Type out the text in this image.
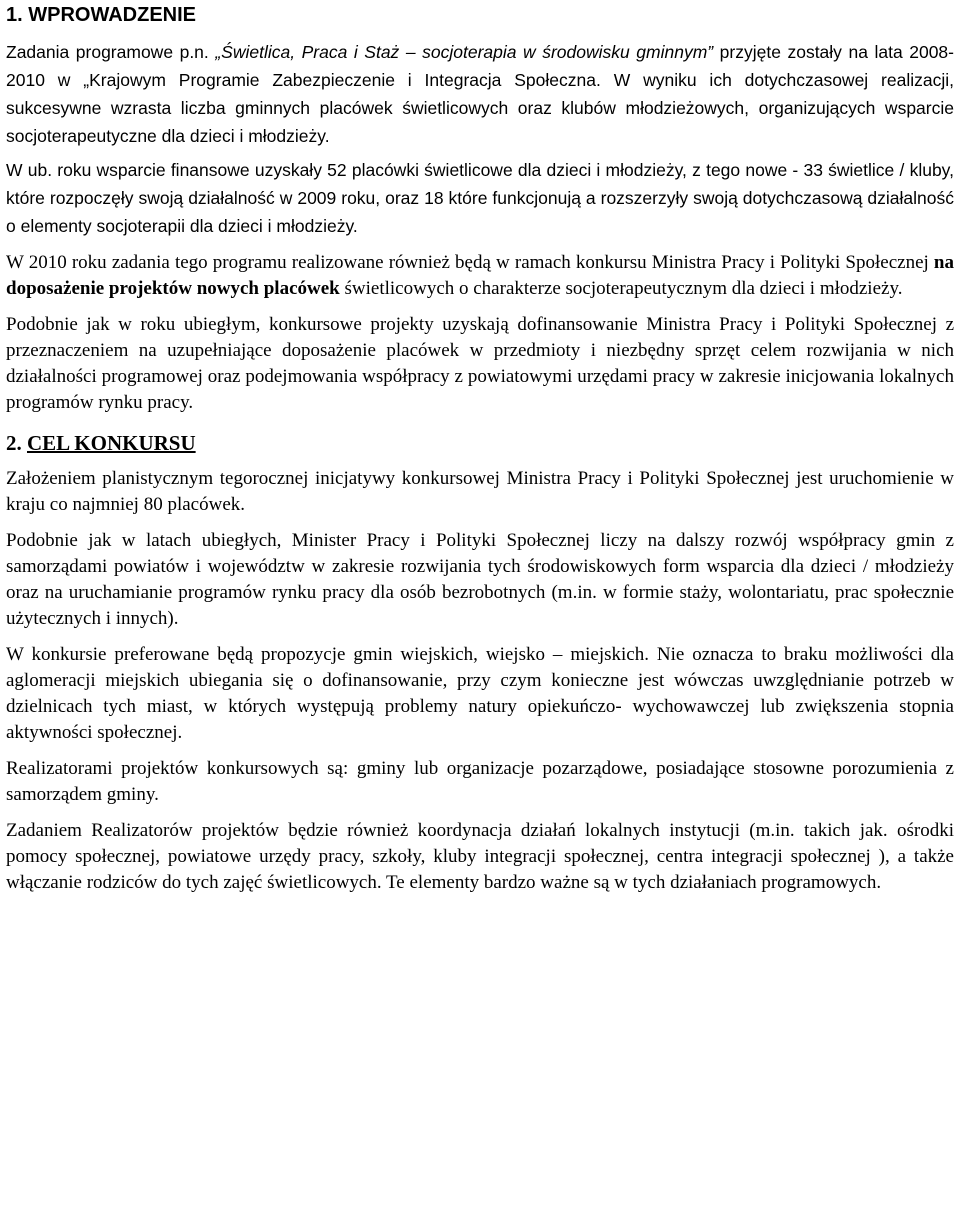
1. WPROWADZENIE

Zadania programowe p.n. „Świetlica, Praca i Staż – socjoterapia w środowisku gminnym” przyjęte zostały na lata 2008-2010 w „Krajowym Programie Zabezpieczenie i Integracja Społeczna. W wyniku ich dotychczasowej realizacji, sukcesywne wzrasta liczba gminnych placówek świetlicowych oraz klubów młodzieżowych, organizujących wsparcie socjoterapeutyczne dla dzieci i młodzieży.

W ub. roku wsparcie finansowe uzyskały 52 placówki świetlicowe dla dzieci i młodzieży, z tego nowe - 33 świetlice / kluby, które rozpoczęły swoją działalność w 2009 roku, oraz 18 które funkcjonują a rozszerzyły swoją dotychczasową działalność o elementy socjoterapii dla dzieci i młodzieży.

W 2010 roku zadania tego programu realizowane również będą w ramach konkursu Ministra Pracy i Polityki Społecznej na doposażenie projektów nowych placówek świetlicowych o charakterze socjoterapeutycznym dla dzieci i młodzieży.

Podobnie jak w roku ubiegłym, konkursowe projekty uzyskają dofinansowanie Ministra Pracy i Polityki Społecznej z przeznaczeniem na uzupełniające doposażenie placówek w przedmioty i niezbędny sprzęt celem rozwijania w nich działalności programowej oraz podejmowania współpracy z powiatowymi urzędami pracy w zakresie inicjowania lokalnych programów rynku pracy.

2. CEL KONKURSU

Założeniem planistycznym tegorocznej inicjatywy konkursowej Ministra Pracy i Polityki Społecznej jest uruchomienie w kraju co najmniej 80 placówek.

Podobnie jak w latach ubiegłych, Minister Pracy i Polityki Społecznej liczy na dalszy rozwój współpracy gmin z samorządami powiatów i województw w zakresie rozwijania tych środowiskowych form wsparcia dla dzieci / młodzieży oraz na uruchamianie programów rynku pracy dla osób bezrobotnych (m.in. w formie staży, wolontariatu, prac społecznie użytecznych i innych).

W konkursie preferowane będą propozycje gmin wiejskich, wiejsko – miejskich. Nie oznacza to braku możliwości dla aglomeracji miejskich ubiegania się o dofinansowanie, przy czym konieczne jest wówczas uwzględnianie potrzeb w dzielnicach tych miast, w których występują problemy natury opiekuńczo- wychowawczej lub zwiększenia stopnia aktywności społecznej.

Realizatorami projektów konkursowych są: gminy lub organizacje pozarządowe, posiadające stosowne porozumienia z samorządem gminy.

Zadaniem Realizatorów projektów będzie również koordynacja działań lokalnych instytucji (m.in. takich jak. ośrodki pomocy społecznej, powiatowe urzędy pracy, szkoły, kluby integracji społecznej, centra integracji społecznej ), a także włączanie rodziców do tych zajęć świetlicowych. Te elementy bardzo ważne są w tych działaniach programowych.
